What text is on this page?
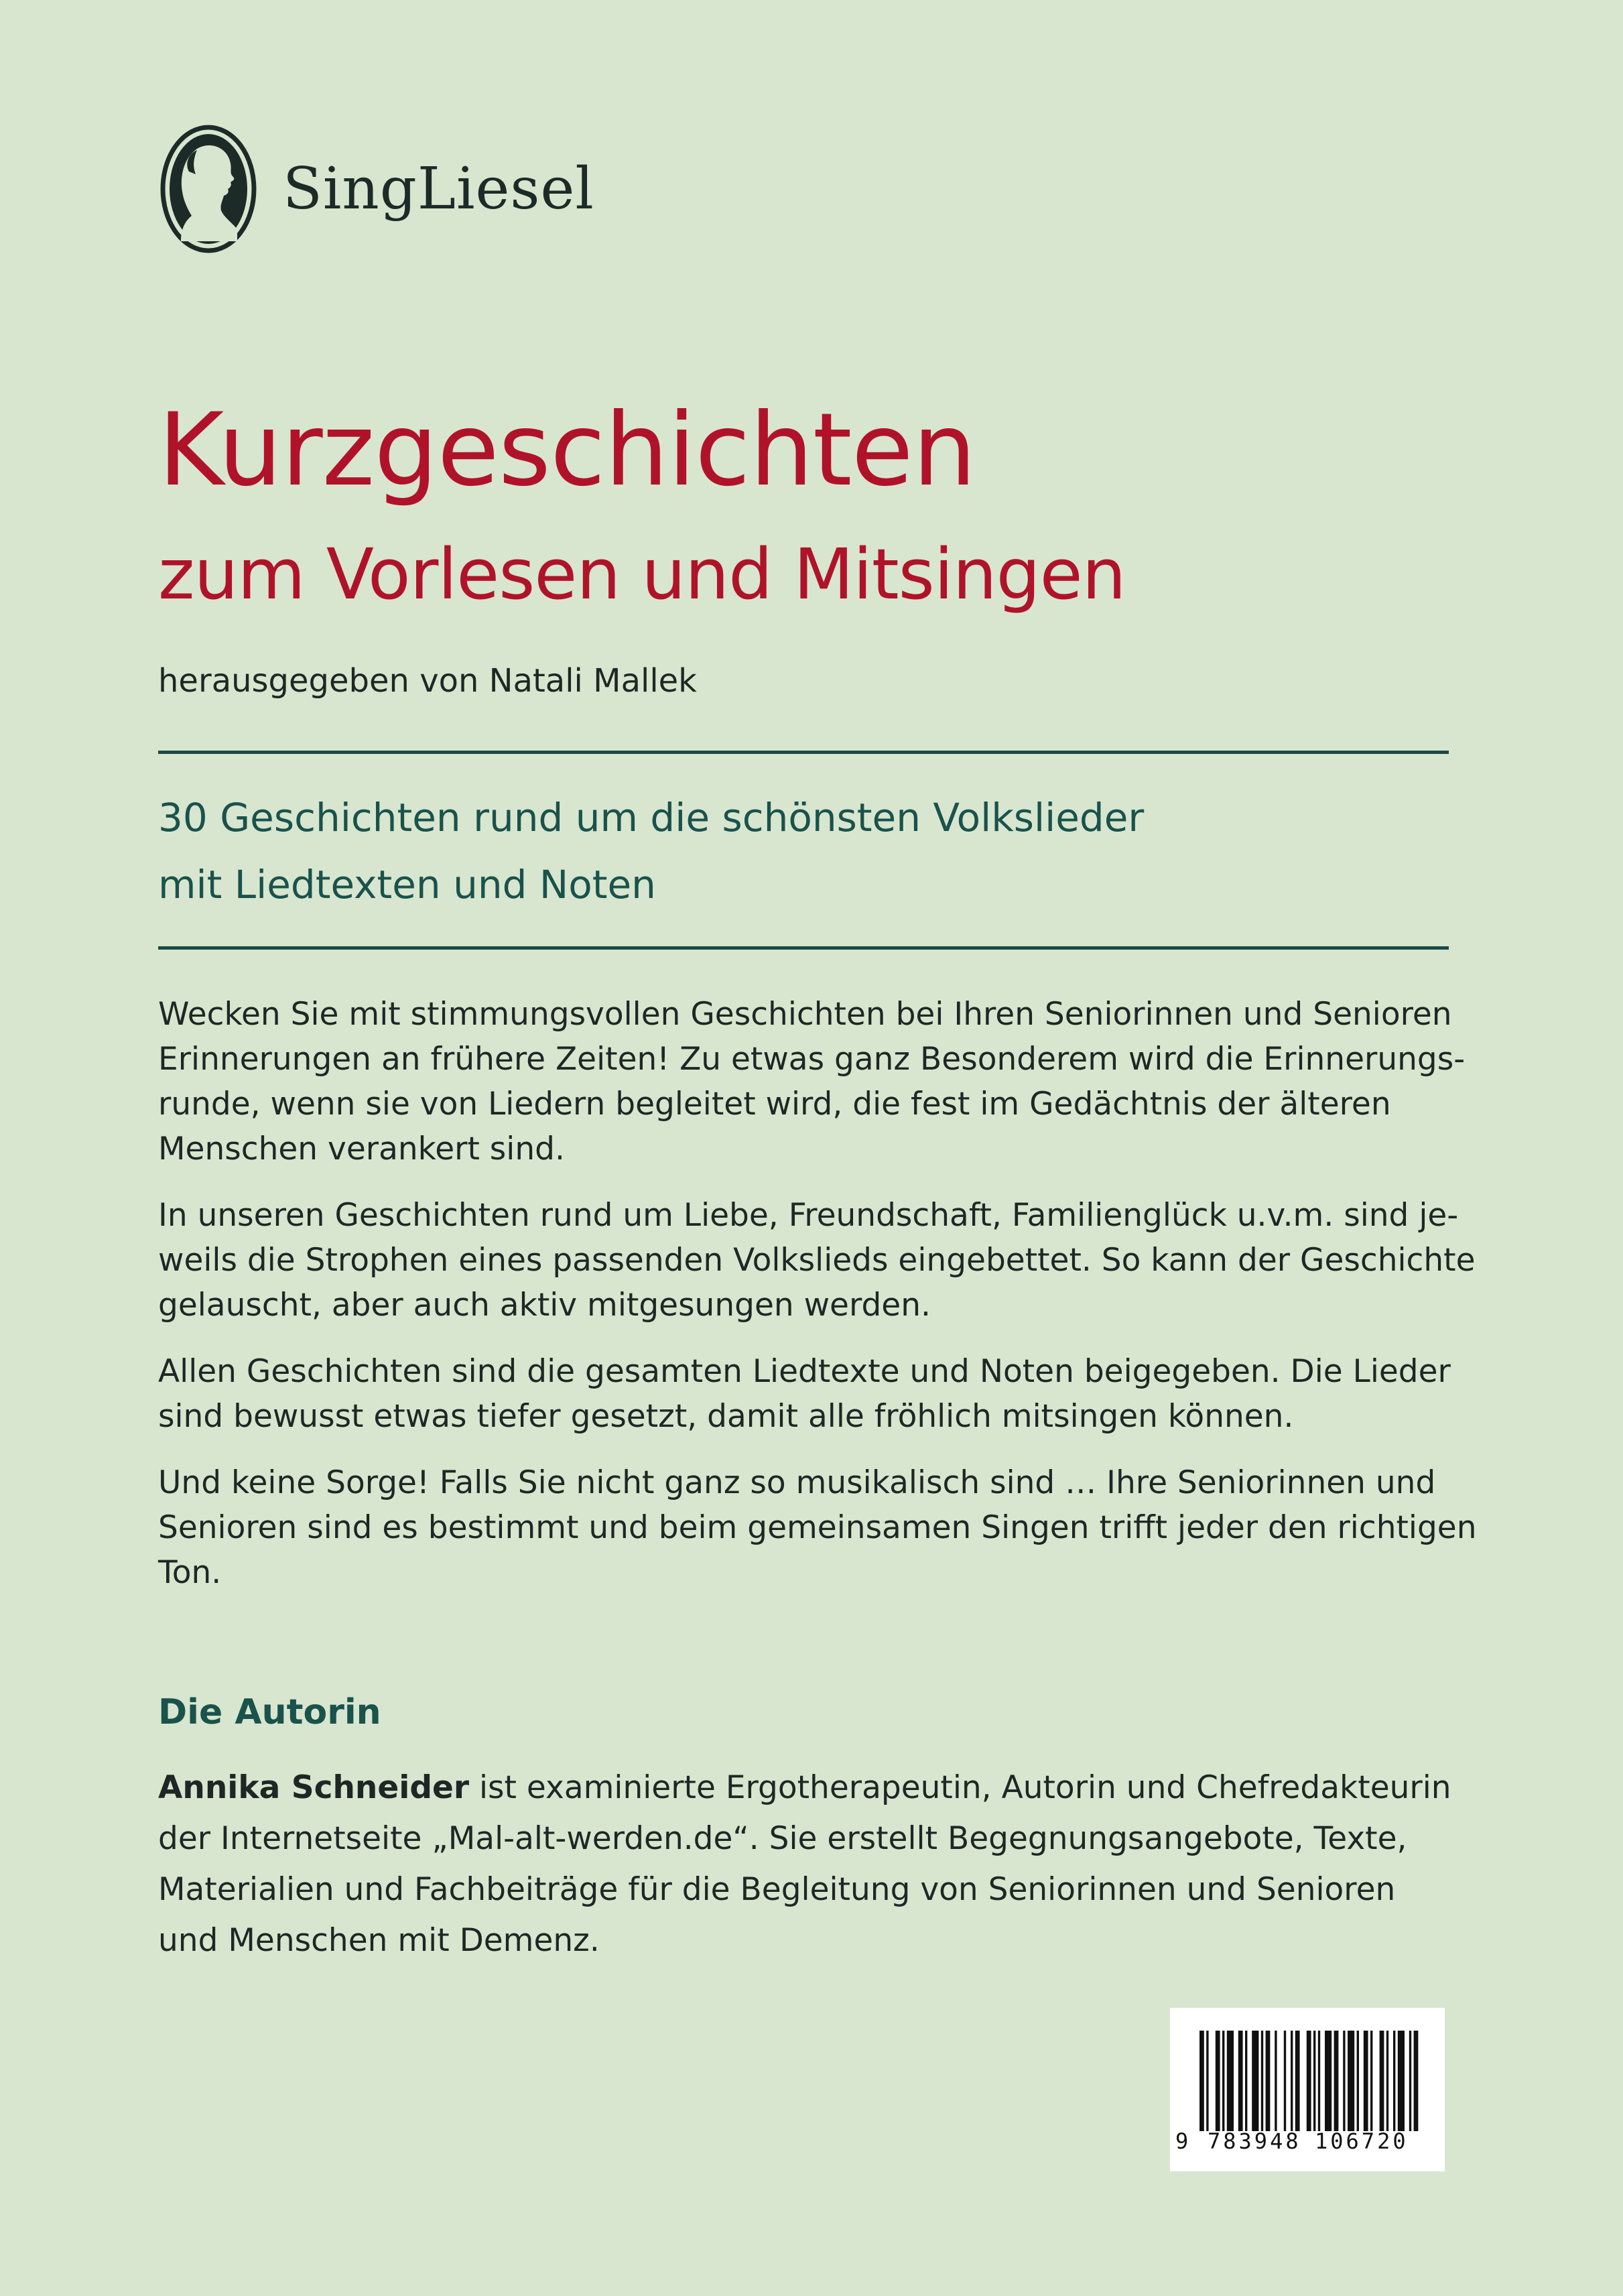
SingLiesel
Kurzgeschichten
zum Vorlesen und Mitsingen
herausgegeben von Natali Mallek
30 Geschichten rund um die schönsten Volkslieder
mit Liedtexten und Noten
Wecken Sie mit stimmungsvollen Geschichten bei Ihren Seniorinnen und Senioren
Erinnerungen an frühere Zeiten! Zu etwas ganz Besonderem wird die Erinnerungs-
runde, wenn sie von Liedern begleitet wird, die fest im Gedächtnis der älteren
Menschen verankert sind.
In unseren Geschichten rund um Liebe, Freundschaft, Familienglück u.v.m. sind je-
weils die Strophen eines passenden Volkslieds eingebettet. So kann der Geschichte
gelauscht, aber auch aktiv mitgesungen werden.
Allen Geschichten sind die gesamten Liedtexte und Noten beigegeben. Die Lieder
sind bewusst etwas tiefer gesetzt, damit alle fröhlich mitsingen können.
Und keine Sorge! Falls Sie nicht ganz so musikalisch sind … Ihre Seniorinnen und
Senioren sind es bestimmt und beim gemeinsamen Singen trifft jeder den richtigen
Ton.
Die Autorin
Annika Schneider ist examinierte Ergotherapeutin, Autorin und Chefredakteurin
der Internetseite „Mal-alt-werden.de“. Sie erstellt Begegnungsangebote, Texte,
Materialien und Fachbeiträge für die Begleitung von Seniorinnen und Senioren
und Menschen mit Demenz.
9 783948 106720
